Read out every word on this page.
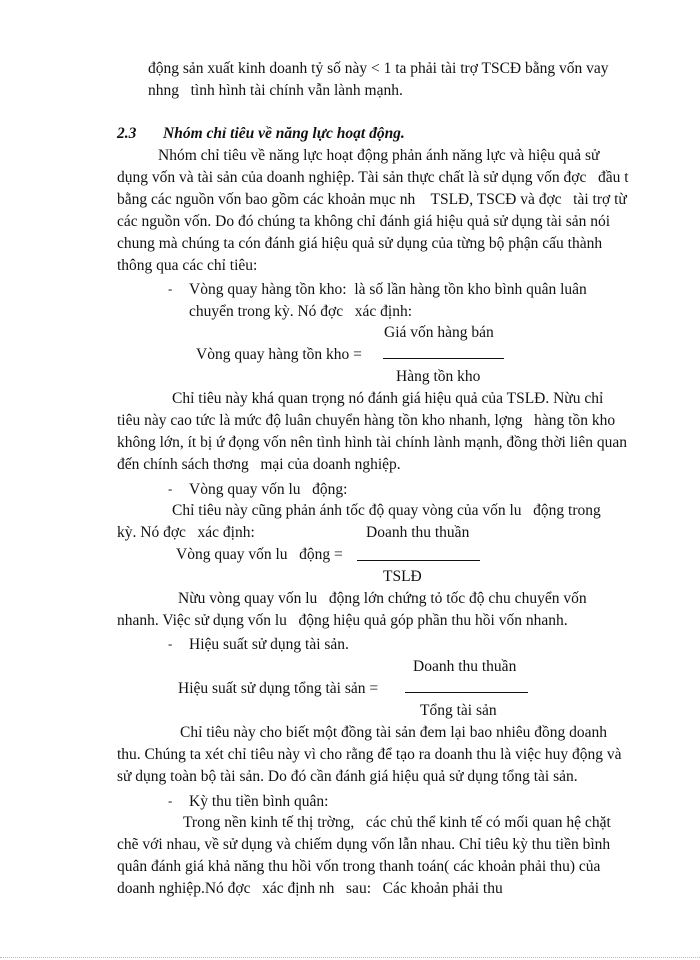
động sản xuất kinh doanh tỷ số này < 1 ta phải tài trợ TSCĐ bằng vốn vay
nhng   tình hình tài chính vẫn lành mạnh.
2.3 Nhóm chỉ tiêu về năng lực hoạt động.
Nhóm chỉ tiêu về năng lực hoạt động phản ánh năng lực và hiệu quả sử
dụng vốn và tài sản của doanh nghiệp. Tài sản thực chất là sử dụng vốn đợc   đầu t
bằng các nguồn vốn bao gồm các khoản mục nh    TSLĐ, TSCĐ và đợc   tài trợ từ
các nguồn vốn. Do đó chúng ta không chỉ đánh giá hiệu quả sử dụng tài sản nói
chung mà chúng ta cón đánh giá hiệu quả sử dụng của từng bộ phận cấu thành
thông qua các chỉ tiêu:
- Vòng quay hàng tồn kho:  là số lần hàng tồn kho bình quân luân
chuyển trong kỳ. Nó đợc   xác định:
Giá vốn hàng bán
Vòng quay hàng tồn kho =
Hàng tồn kho
Chỉ tiêu này khá quan trọng nó đánh giá hiệu quả của TSLĐ. Nừu chỉ
tiêu này cao tức là mức độ luân chuyển hàng tồn kho nhanh, lợng   hàng tồn kho
không lớn, ít bị ứ đọng vốn nên tình hình tài chính lành mạnh, đồng thời liên quan
đến chính sách thơng   mại của doanh nghiệp.
- Vòng quay vốn lu   động:
Chỉ tiêu này cũng phản ánh tốc độ quay vòng của vốn lu   động trong
kỳ. Nó đợc   xác định:	Doanh thu thuần
Vòng quay vốn lu   động =
TSLĐ
Nừu vòng quay vốn lu   động lớn chứng tỏ tốc độ chu chuyển vốn
nhanh. Việc sử dụng vốn lu   động hiệu quả góp phần thu hồi vốn nhanh.
- Hiệu suất sử dụng tài sản.
Doanh thu thuần
Hiệu suất sử dụng tổng tài sản =
Tổng tài sản
Chỉ tiêu này cho biết một đồng tài sản đem lại bao nhiêu đồng doanh
thu. Chúng ta xét chỉ tiêu này vì cho rằng để tạo ra doanh thu là việc huy động và
sử dụng toàn bộ tài sản. Do đó cần đánh giá hiệu quả sử dụng tổng tài sản.
- Kỳ thu tiền bình quân:
Trong nền kinh tế thị trờng,   các chủ thể kinh tế có mối quan hệ chặt
chẽ với nhau, về sử dụng và chiếm dụng vốn lẫn nhau. Chỉ tiêu kỳ thu tiền bình
quân đánh giá khả năng thu hồi vốn trong thanh toán( các khoản phải thu) của
doanh nghiệp.Nó đợc   xác định nh   sau:   Các khoản phải thu
